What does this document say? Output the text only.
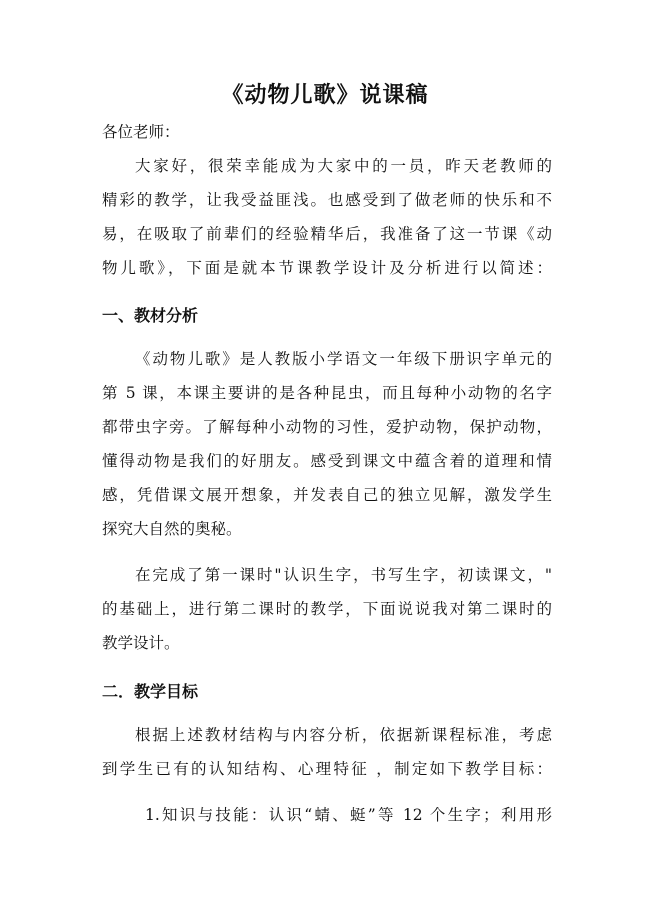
《动物儿歌》说课稿
各位老师：
大家好，很荣幸能成为大家中的一员，昨天老教师的
精彩的教学，让我受益匪浅。也感受到了做老师的快乐和不
易，在吸取了前辈们的经验精华后，我准备了这一节课《动
物儿歌》，下面是就本节课教学设计及分析进行以简述：
一、教材分析
《动物儿歌》是人教版小学语文一年级下册识字单元的
第 5 课，本课主要讲的是各种昆虫，而且每种小动物的名字
都带虫字旁。了解每种小动物的习性，爱护动物，保护动物，
懂得动物是我们的好朋友。感受到课文中蕴含着的道理和情
感，凭借课文展开想象，并发表自己的独立见解，激发学生
探究大自然的奥秘。
在完成了第一课时"认识生字，书写生字，初读课文，"
的基础上，进行第二课时的教学，下面说说我对第二课时的
教学设计。
二．教学目标
根据上述教材结构与内容分析，依据新课程标准，考虑
到学生已有的认知结构、心理特征 ，制定如下教学目标：
1.知识与技能：认识“蜻、蜓”等 12 个生字；利用形
